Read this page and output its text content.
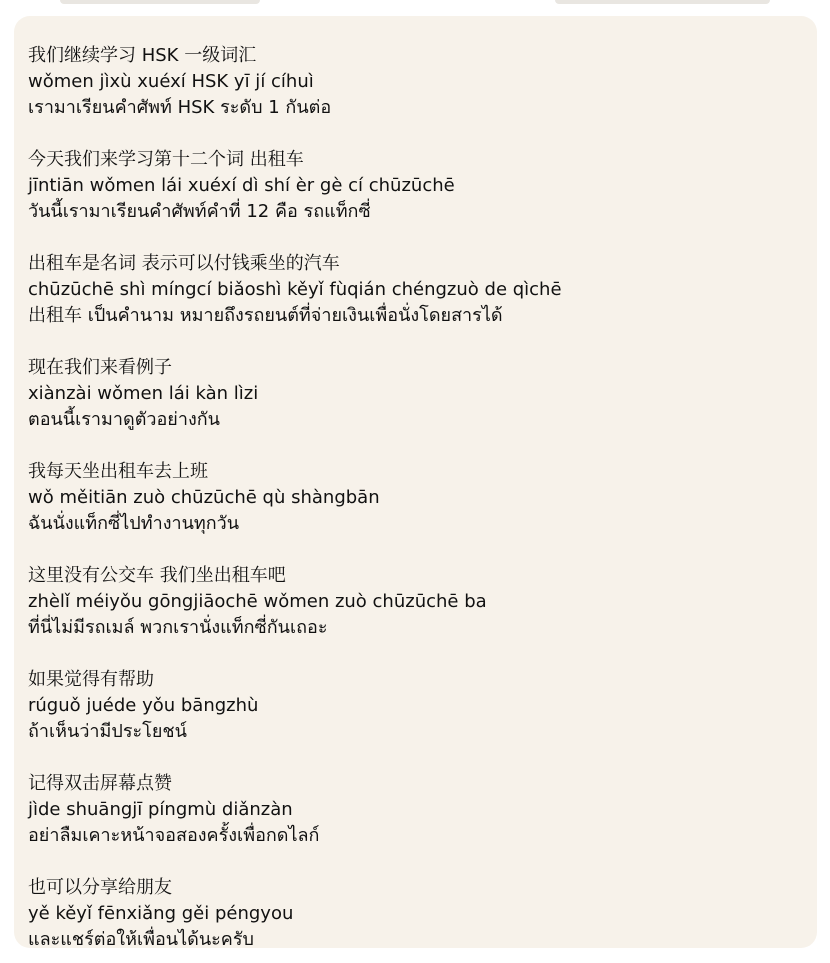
我们继续学习 HSK 一级词汇
wǒmen jìxù xuéxí HSK yī jí cíhuì
เรามาเรียนคำศัพท์ HSK ระดับ 1 กันต่อ
今天我们来学习第十二个词 出租车
jīntiān wǒmen lái xuéxí dì shí èr gè cí chūzūchē
วันนี้เรามาเรียนคำศัพท์คำที่ 12 คือ รถแท็กซี่
出租车是名词 表示可以付钱乘坐的汽车
chūzūchē shì míngcí biǎoshì kěyǐ fùqián chéngzuò de qìchē
出租车 เป็นคำนาม หมายถึงรถยนต์ที่จ่ายเงินเพื่อนั่งโดยสารได้
现在我们来看例子
xiànzài wǒmen lái kàn lìzi
ตอนนี้เรามาดูตัวอย่างกัน
我每天坐出租车去上班
wǒ měitiān zuò chūzūchē qù shàngbān
ฉันนั่งแท็กซี่ไปทำงานทุกวัน
这里没有公交车 我们坐出租车吧
zhèlǐ méiyǒu gōngjiāochē wǒmen zuò chūzūchē ba
ที่นี่ไม่มีรถเมล์ พวกเรานั่งแท็กซี่กันเถอะ
如果觉得有帮助
rúguǒ juéde yǒu bāngzhù
ถ้าเห็นว่ามีประโยชน์
记得双击屏幕点赞
jìde shuāngjī píngmù diǎnzàn
อย่าลืมเคาะหน้าจอสองครั้งเพื่อกดไลก์
也可以分享给朋友
yě kěyǐ fēnxiǎng gěi péngyou
และแชร์ต่อให้เพื่อนได้นะครับ
